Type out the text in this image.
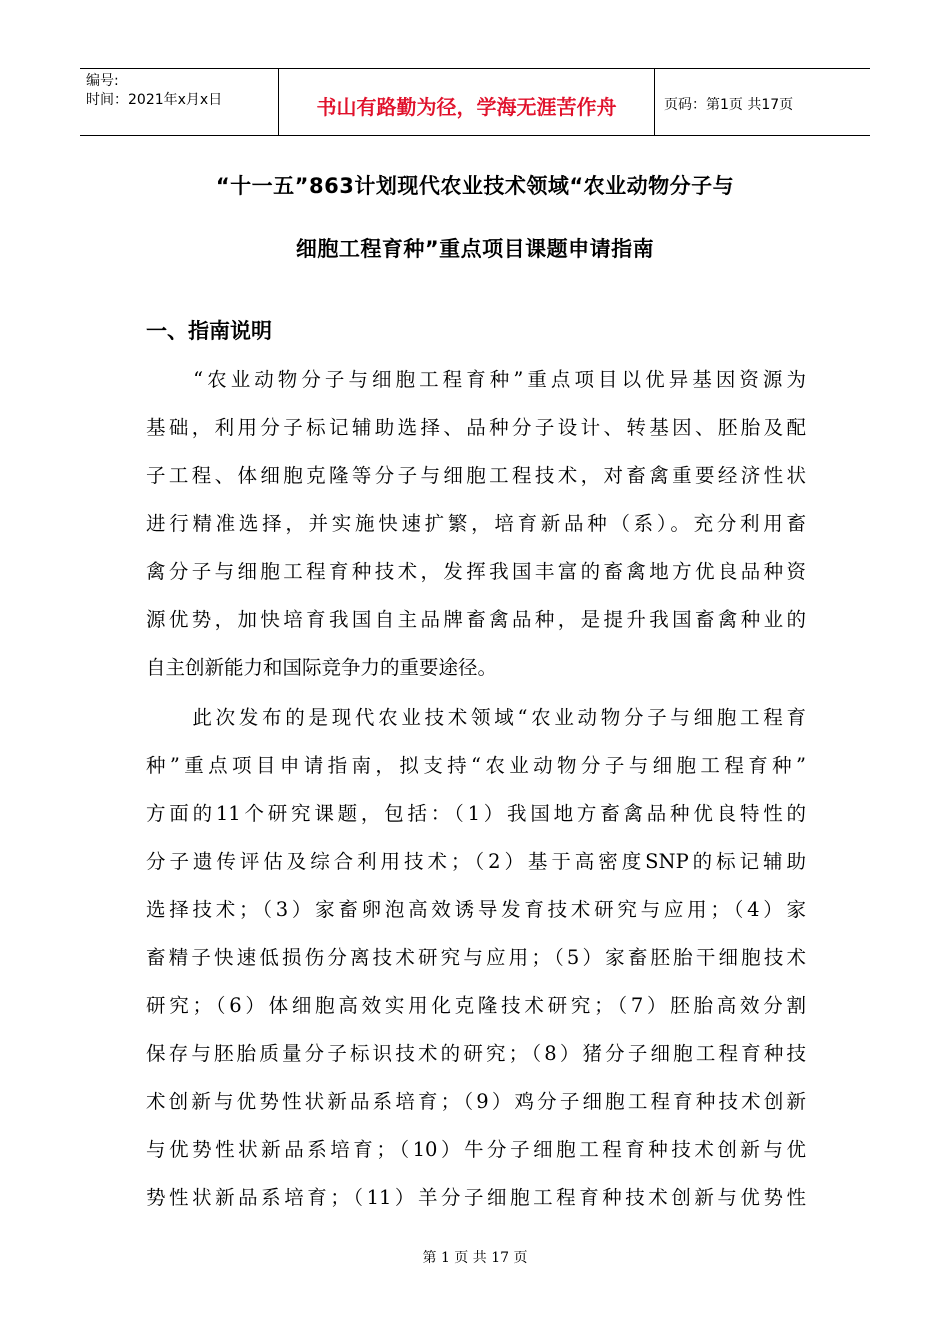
编号:
时间：2021年x月x日	书山有路勤为径，学海无涯苦作舟	页码：第1页 共17页
“十一五”863计划现代农业技术领域“农业动物分子与
细胞工程育种”重点项目课题申请指南
一、指南说明
　　“农业动物分子与细胞工程育种”重点项目以优异基因资源为
基础，利用分子标记辅助选择、品种分子设计、转基因、胚胎及配
子工程、体细胞克隆等分子与细胞工程技术，对畜禽重要经济性状
进行精准选择，并实施快速扩繁，培育新品种（系）。充分利用畜
禽分子与细胞工程育种技术，发挥我国丰富的畜禽地方优良品种资
源优势，加快培育我国自主品牌畜禽品种，是提升我国畜禽种业的
自主创新能力和国际竞争力的重要途径。
　　此次发布的是现代农业技术领域“农业动物分子与细胞工程育
种”重点项目申请指南，拟支持“农业动物分子与细胞工程育种”
方面的11个研究课题，包括：（1）我国地方畜禽品种优良特性的
分子遗传评估及综合利用技术；（2）基于高密度SNP的标记辅助
选择技术；（3）家畜卵泡高效诱导发育技术研究与应用；（4）家
畜精子快速低损伤分离技术研究与应用；（5）家畜胚胎干细胞技术
研究；（6）体细胞高效实用化克隆技术研究；（7）胚胎高效分割
保存与胚胎质量分子标识技术的研究；（8）猪分子细胞工程育种技
术创新与优势性状新品系培育；（9）鸡分子细胞工程育种技术创新
与优势性状新品系培育；（10）牛分子细胞工程育种技术创新与优
势性状新品系培育；（11）羊分子细胞工程育种技术创新与优势性
第 1 页 共 17 页
